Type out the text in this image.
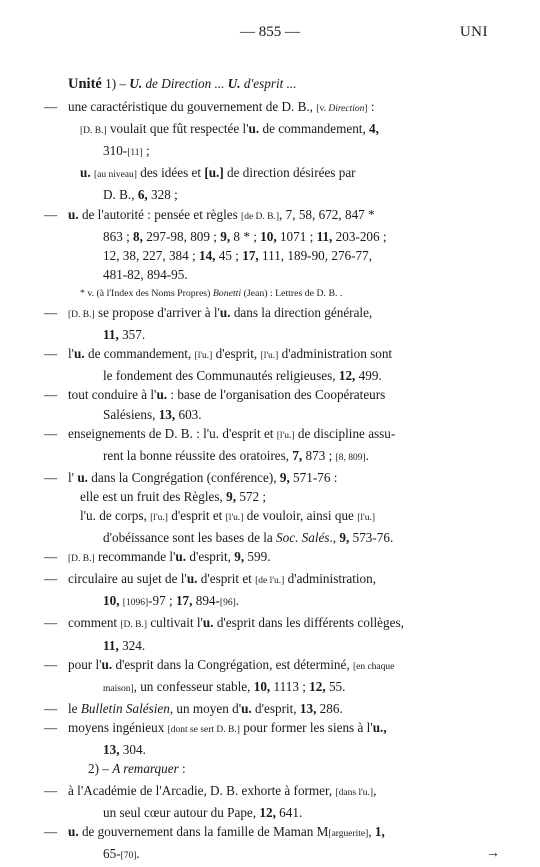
— 855 —	UNI
Unité 1) – U. de Direction ... U. d'esprit ...
— une caractéristique du gouvernement de D. B., [v. Direction] :
[D. B.] voulait que fût respectée l'u. de commandement, 4,
310-[11] ;
u. [au niveau] des idées et [u.] de direction désirées par
D. B., 6, 328 ;
— u. de l'autorité : pensée et règles [de D. B.], 7, 58, 672, 847 *
863 ; 8, 297-98, 809 ; 9, 8 * ; 10, 1071 ; 11, 203-206 ;
12, 38, 227, 384 ; 14, 45 ; 17, 111, 189-90, 276-77,
481-82, 894-95.
* v. (à l'Index des Noms Propres) Bonetti (Jean) : Lettres de D. B. .
— [D. B.] se propose d'arriver à l'u. dans la direction générale,
11, 357.
— l'u. de commandement, [l'u.] d'esprit, [l'u.] d'administration sont
le fondement des Communautés religieuses, 12, 499.
— tout conduire à l'u. : base de l'organisation des Coopérateurs
Salésiens, 13, 603.
— enseignements de D. B. : l'u. d'esprit et [l'u.] de discipline assu-
rent la bonne réussite des oratoires, 7, 873 ; [8, 809].
— l' u. dans la Congrégation (conférence), 9, 571-76 :
elle est un fruit des Règles, 9, 572 ;
l'u. de corps, [l'u.] d'esprit et [l'u.] de vouloir, ainsi que [l'u.]
d'obéissance sont les bases de la Soc. Salés., 9, 573-76.
— [D. B.] recommande l'u. d'esprit, 9, 599.
— circulaire au sujet de l'u. d'esprit et [de l'u.] d'administration,
10, [1096]-97 ; 17, 894-[96].
— comment [D. B.] cultivait l'u. d'esprit dans les différents collèges,
11, 324.
— pour l'u. d'esprit dans la Congrégation, est déterminé, [en chaque
maison], un confesseur stable, 10, 1113 ; 12, 55.
— le Bulletin Salésien, un moyen d'u. d'esprit, 13, 286.
— moyens ingénieux [dont se sert D. B.] pour former les siens à l'u.,
13, 304.
2) – A remarquer :
— à l'Académie de l'Arcadie, D. B. exhorte à former, [dans l'u.],
un seul cœur autour du Pape, 12, 641.
— u. de gouvernement dans la famille de Maman M[arguerite], 1,
65-[70].	→
